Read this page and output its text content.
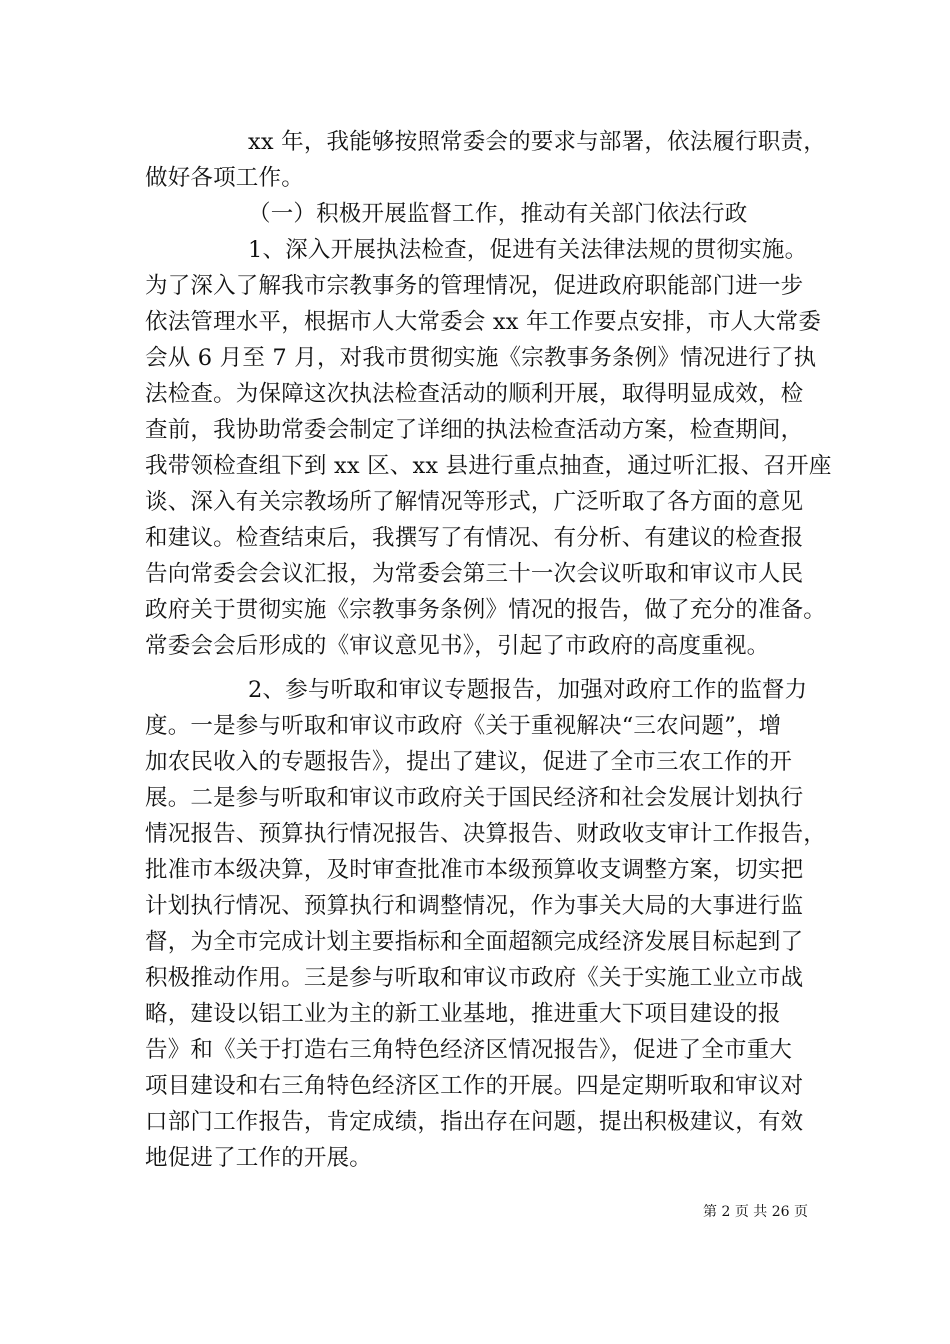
xx 年，我能够按照常委会的要求与部署，依法履行职责，
做好各项工作。
（一）积极开展监督工作，推动有关部门依法行政
1、深入开展执法检查，促进有关法律法规的贯彻实施。
为了深入了解我市宗教事务的管理情况，促进政府职能部门进一步
依法管理水平，根据市人大常委会 xx 年工作要点安排，市人大常委
会从 6 月至 7 月，对我市贯彻实施《宗教事务条例》情况进行了执
法检查。为保障这次执法检查活动的顺利开展，取得明显成效，检
查前，我协助常委会制定了详细的执法检查活动方案，检查期间，
我带领检查组下到 xx 区、xx 县进行重点抽查，通过听汇报、召开座
谈、深入有关宗教场所了解情况等形式，广泛听取了各方面的意见
和建议。检查结束后，我撰写了有情况、有分析、有建议的检查报
告向常委会会议汇报，为常委会第三十一次会议听取和审议市人民
政府关于贯彻实施《宗教事务条例》情况的报告，做了充分的准备。
常委会会后形成的《审议意见书》，引起了市政府的高度重视。
2、参与听取和审议专题报告，加强对政府工作的监督力
度。一是参与听取和审议市政府《关于重视解决“三农问题”，增
加农民收入的专题报告》，提出了建议，促进了全市三农工作的开
展。二是参与听取和审议市政府关于国民经济和社会发展计划执行
情况报告、预算执行情况报告、决算报告、财政收支审计工作报告，
批准市本级决算，及时审查批准市本级预算收支调整方案，切实把
计划执行情况、预算执行和调整情况，作为事关大局的大事进行监
督，为全市完成计划主要指标和全面超额完成经济发展目标起到了
积极推动作用。三是参与听取和审议市政府《关于实施工业立市战
略，建设以铝工业为主的新工业基地，推进重大下项目建设的报
告》和《关于打造右三角特色经济区情况报告》，促进了全市重大
项目建设和右三角特色经济区工作的开展。四是定期听取和审议对
口部门工作报告，肯定成绩，指出存在问题，提出积极建议，有效
地促进了工作的开展。
第 2 页 共 26 页
